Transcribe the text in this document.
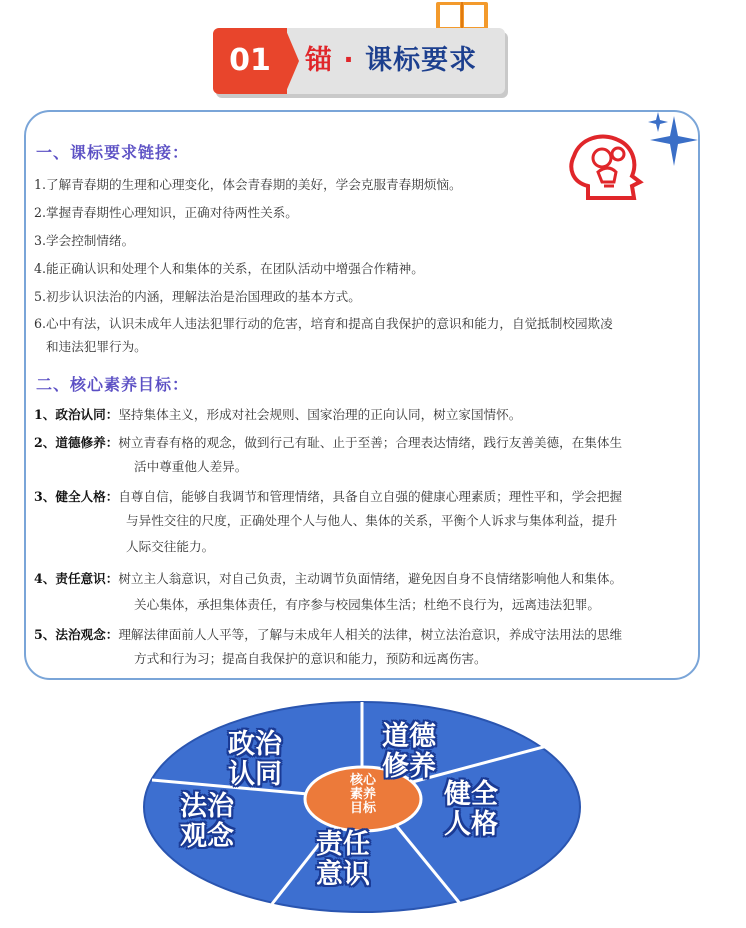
01	锚 · 课标要求
一、课标要求链接：
1.了解青春期的生理和心理变化，体会青春期的美好，学会克服青春期烦恼。
2.掌握青春期性心理知识，正确对待两性关系。
3.学会控制情绪。
4.能正确认识和处理个人和集体的关系，在团队活动中增强合作精神。
5.初步认识法治的内涵，理解法治是治国理政的基本方式。
6.心中有法，认识未成年人违法犯罪行动的危害，培育和提高自我保护的意识和能力，自觉抵制校园欺凌
和违法犯罪行为。
二、核心素养目标：
1、政治认同：坚持集体主义，形成对社会规则、国家治理的正向认同，树立家国情怀。
2、道德修养：树立青春有格的观念，做到行己有耻、止于至善；合理表达情绪，践行友善美德，在集体生
活中尊重他人差异。
3、健全人格：自尊自信，能够自我调节和管理情绪，具备自立自强的健康心理素质；理性平和，学会把握
与异性交往的尺度，正确处理个人与他人、集体的关系，平衡个人诉求与集体利益，提升
人际交往能力。
4、责任意识：树立主人翁意识，对自己负责，主动调节负面情绪，避免因自身不良情绪影响他人和集体。
关心集体，承担集体责任，有序参与校园集体生活；杜绝不良行为，远离违法犯罪。
5、法治观念：理解法律面前人人平等，了解与未成年人相关的法律，树立法治意识，养成守法用法的思维
方式和行为习；提高自我保护的意识和能力，预防和远离伤害。
核心
素养
目标
政治
认同
道德
修养
健全
人格
责任
意识
法治
观念
